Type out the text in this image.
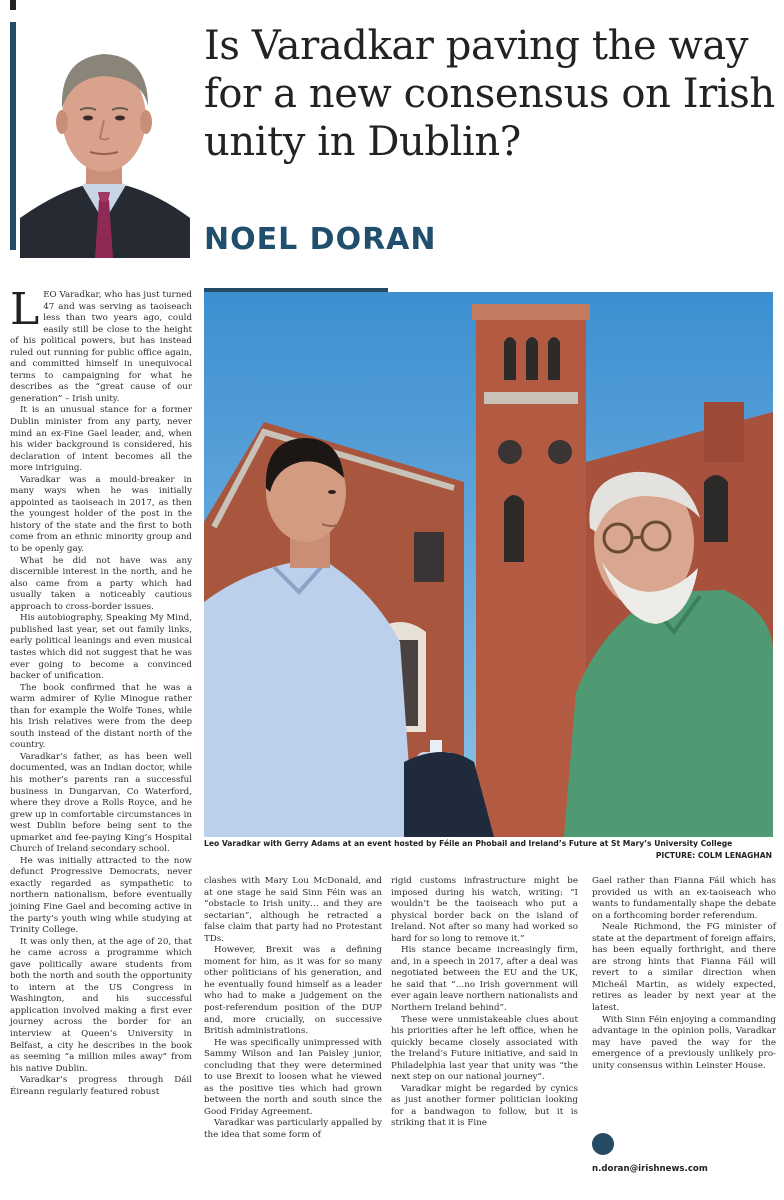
Is Varadkar paving the way for a new consensus on Irish unity in Dublin?
NOEL DORAN
Leo Varadkar with Gerry Adams at an event hosted by Féile an Phobail and Ireland’s Future at St Mary’s University College
PICTURE: COLM LENAGHAN

LEO Varadkar, who has just turned 47 and was serving as taoiseach less than two years ago, could easily still be close to the height of his political powers, but has instead ruled out running for public office again, and committed himself in unequivocal terms to campaigning for what he describes as the “great cause of our generation” – Irish unity.

It is an unusual stance for a former Dublin minister from any party, never mind an ex-Fine Gael leader, and, when his wider background is considered, his declaration of intent becomes all the more intriguing.

Varadkar was a mould-breaker in many ways when he was initially appointed as taoiseach in 2017, as then the youngest holder of the post in the history of the state and the first to both come from an ethnic minority group and to be openly gay.

What he did not have was any discernible interest in the north, and he also came from a party which had usually taken a noticeably cautious approach to cross-border issues.

His autobiography, Speaking My Mind, published last year, set out family links, early political leanings and even musical tastes which did not suggest that he was ever going to become a convinced backer of unification.

The book confirmed that he was a warm admirer of Kylie Minogue rather than for example the Wolfe Tones, while his Irish relatives were from the deep south instead of the distant north of the country.

Varadkar’s father, as has been well documented, was an Indian doctor, while his mother’s parents ran a successful business in Dungarvan, Co Waterford, where they drove a Rolls Royce, and he grew up in comfortable circumstances in west Dublin before being sent to the upmarket and fee-paying King’s Hospital Church of Ireland secondary school.

He was initially attracted to the now defunct Progressive Democrats, never exactly regarded as sympathetic to northern nationalism, before eventually joining Fine Gael and becoming active in the party’s youth wing while studying at Trinity College.

It was only then, at the age of 20, that he came across a programme which gave politically aware students from both the north and south the opportunity to intern at the US Congress in Washington, and his successful application involved making a first ever journey across the border for an interview at Queen’s University in Belfast, a city he describes in the book as seeming “a million miles away” from his native Dublin.

Varadkar’s progress through Dáil Éireann regularly featured robust

clashes with Mary Lou McDonald, and at one stage he said Sinn Féin was an “obstacle to Irish unity… and they are sectarian”, although he retracted a false claim that party had no Protestant TDs.

However, Brexit was a defining moment for him, as it was for so many other politicians of his generation, and he eventually found himself as a leader who had to make a judgement on the post-referendum position of the DUP and, more crucially, on successive British administrations.

He was specifically unimpressed with Sammy Wilson and Ian Paisley junior, concluding that they were determined to use Brexit to loosen what he viewed as the positive ties which had grown between the north and south since the Good Friday Agreement.

Varadkar was particularly appalled by the idea that some form of

rigid customs infrastructure might be imposed during his watch, writing: “I wouldn’t be the taoiseach who put a physical border back on the island of Ireland. Not after so many had worked so hard for so long to remove it.”

His stance became increasingly firm, and, in a speech in 2017, after a deal was negotiated between the EU and the UK, he said that “…no Irish government will ever again leave northern nationalists and Northern Ireland behind”.

These were unmistakeable clues about his priorities after he left office, when he quickly became closely associated with the Ireland’s Future initiative, and said in Philadelphia last year that unity was “the next step on our national journey”.

Varadkar might be regarded by cynics as just another former politician looking for a bandwagon to follow, but it is striking that it is Fine

Gael rather than Fianna Fáil which has provided us with an ex-taoiseach who wants to fundamentally shape the debate on a forthcoming border referendum.

Neale Richmond, the FG minister of state at the department of foreign affairs, has been equally forthright, and there are strong hints that Fianna Fáil will revert to a similar direction when Micheál Martin, as widely expected, retires as leader by next year at the latest.

With Sinn Féin enjoying a commanding advantage in the opinion polls, Varadkar may have paved the way for the emergence of a previously unlikely pro-unity consensus within Leinster House.

n.doran@irishnews.com
